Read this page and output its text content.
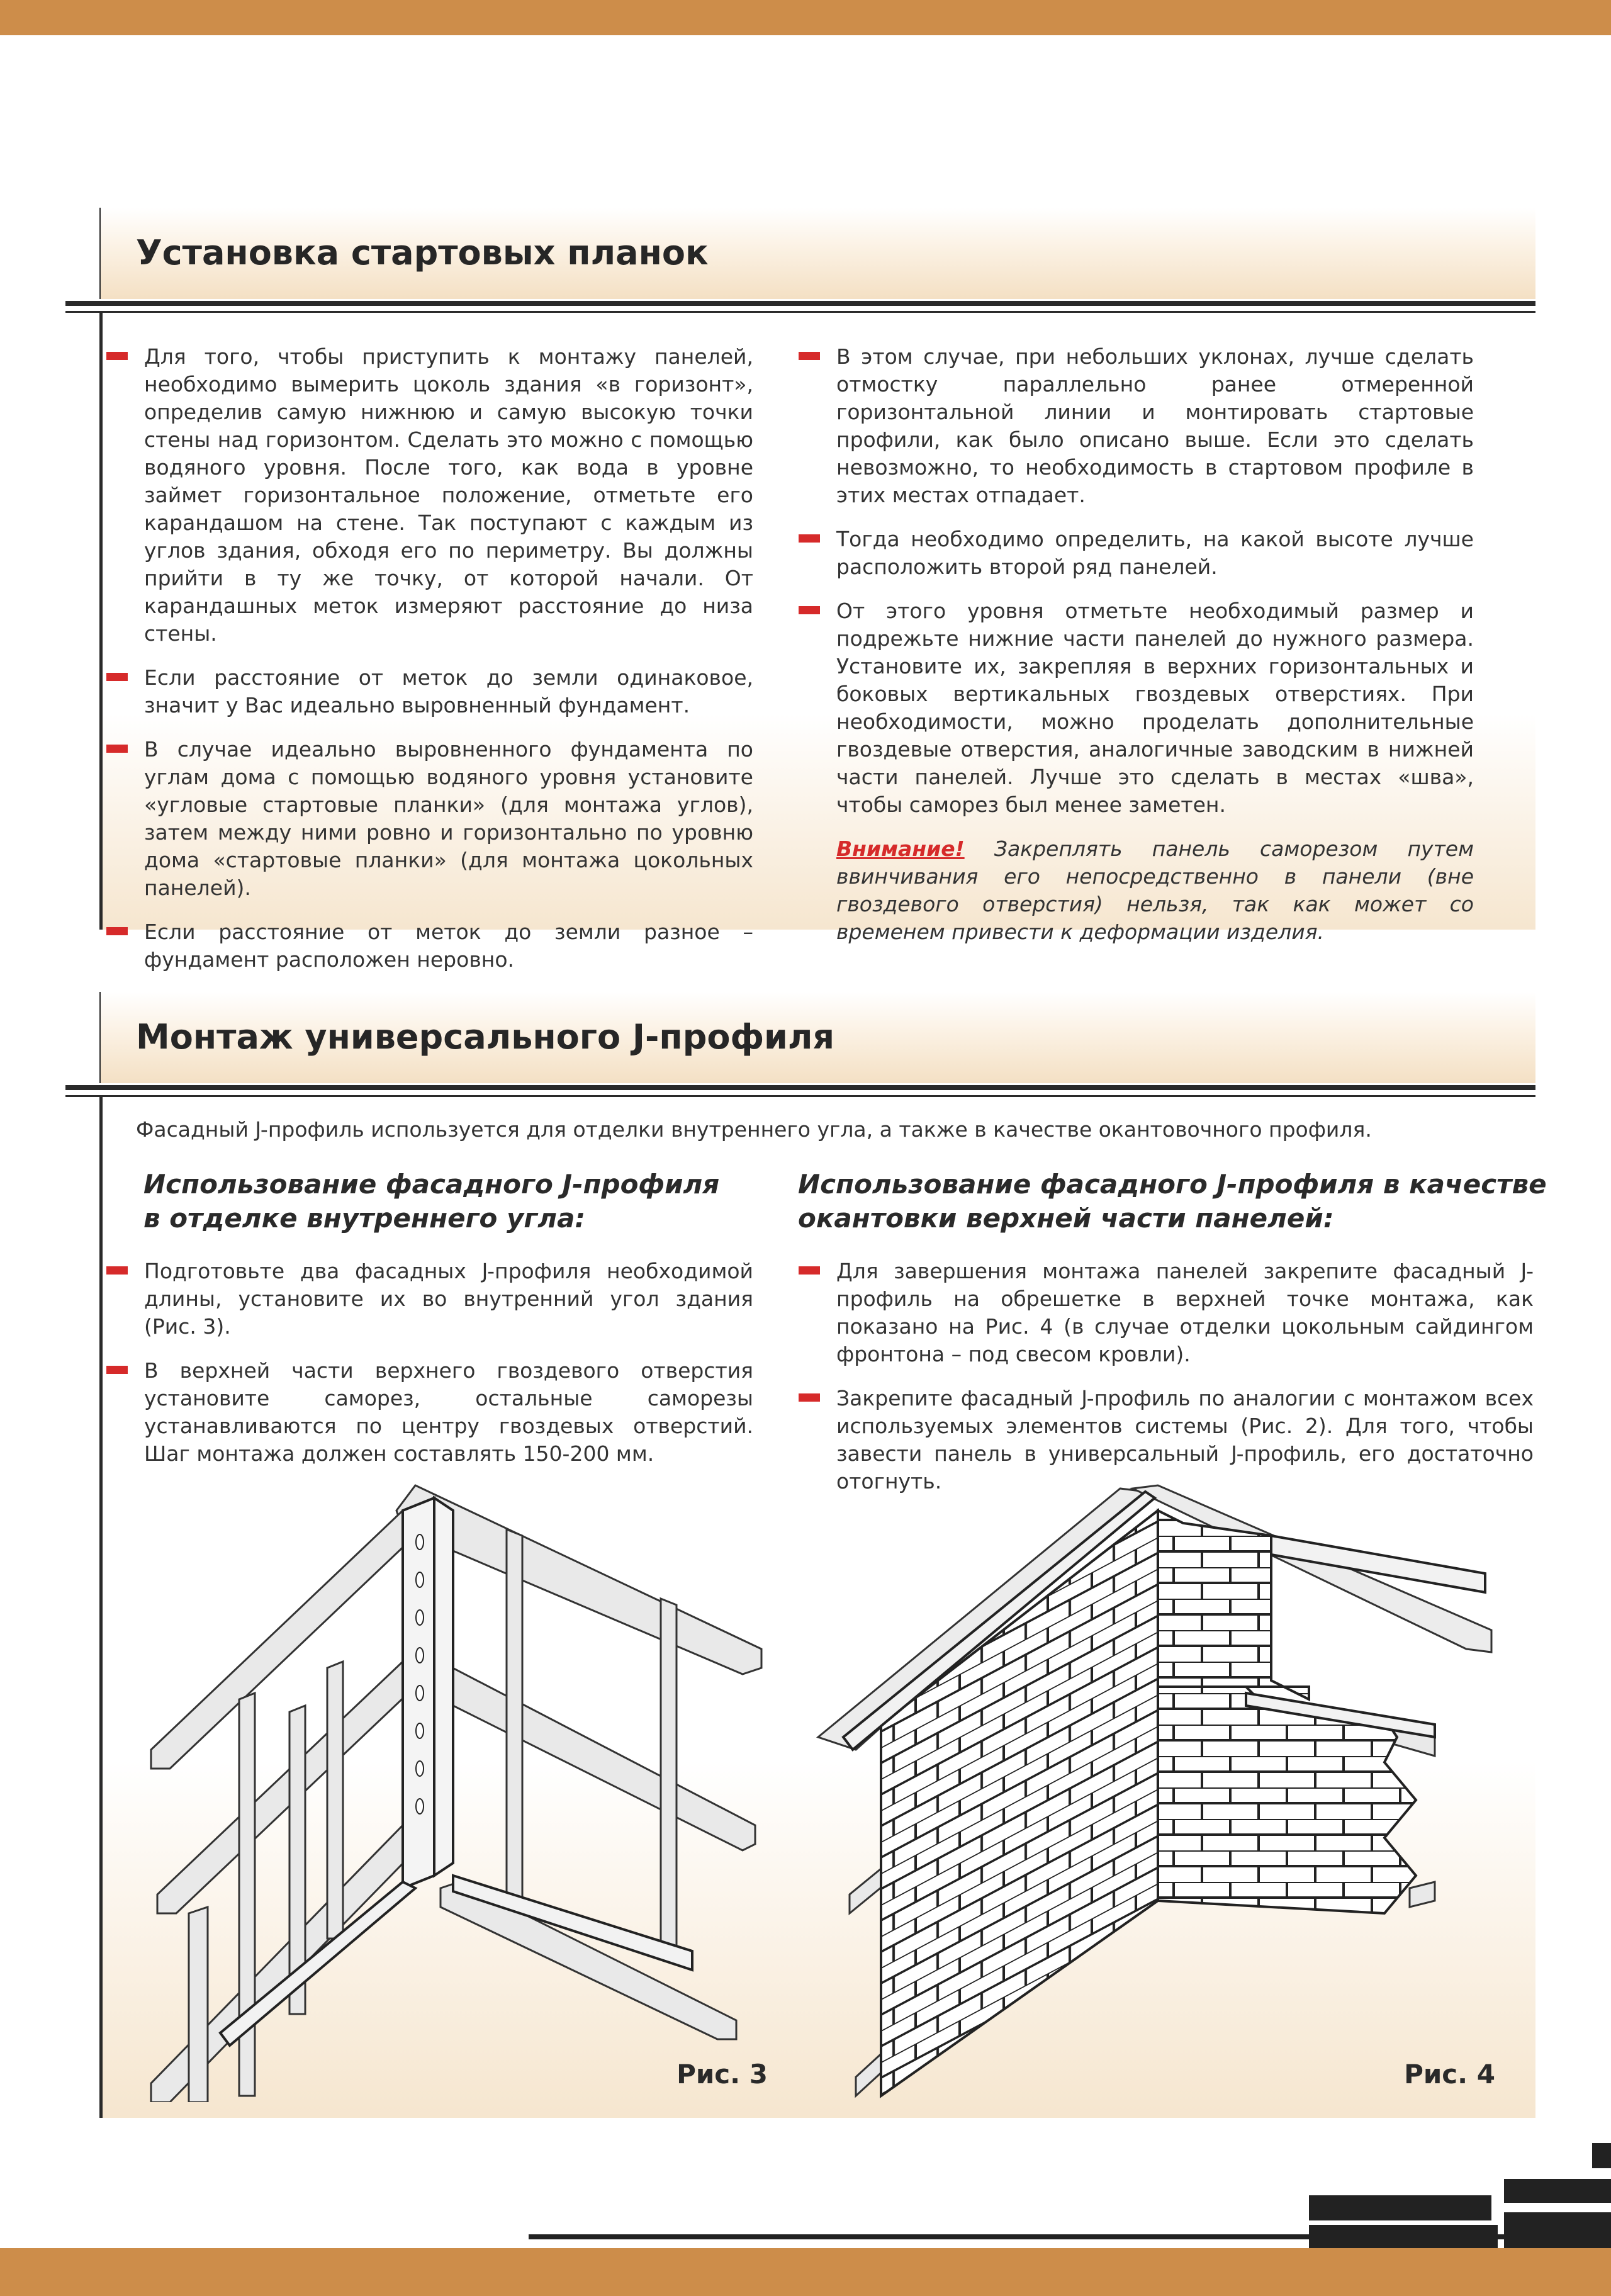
Установка стартовых планок
Для того, чтобы приступить к монтажу панелей, необходимо вымерить цоколь здания «в горизонт», определив самую нижнюю и самую высокую точки стены над горизонтом. Сделать это можно с помощью водяного уровня. После того, как вода в уровне займет горизонтальное положение, отметьте его карандашом на стене. Так поступают с каждым из углов здания, обходя его по периметру. Вы должны прийти в ту же точку, от которой начали. От карандашных меток измеряют расстояние до низа стены.
Если расстояние от меток до земли одинаковое, значит у Вас идеально выровненный фундамент.
В случае идеально выровненного фундамента по углам дома с помощью водяного уровня установите «угловые стартовые планки» (для монтажа углов), затем между ними ровно и горизонтально по уровню дома «стартовые планки» (для монтажа цокольных панелей).
Если расстояние от меток до земли разное – фундамент расположен неровно.
В этом случае, при небольших уклонах, лучше сделать отмостку параллельно ранее отмеренной горизонтальной линии и монтировать стартовые профили, как было описано выше. Если это сделать невозможно, то необходимость в стартовом профиле в этих местах отпадает.
Тогда необходимо определить, на какой высоте лучше расположить второй ряд панелей.
От этого уровня отметьте необходимый размер и подрежьте нижние части панелей до нужного размера. Установите их, закрепляя в верхних горизонтальных и боковых вертикальных гвоздевых отверстиях. При необходимости, можно проделать дополнительные гвоздевые отверстия, аналогичные заводским в нижней части панелей. Лучше это сделать в местах «шва», чтобы саморез был менее заметен.
Внимание! Закреплять панель саморезом путем ввинчивания его непосредственно в панели (вне гвоздевого отверстия) нельзя, так как может со временем привести к деформации изделия.
Монтаж универсального J-профиля
Фасадный J-профиль используется для отделки внутреннего угла, а также в качестве окантовочного профиля.
Использование фасадного J-профиля
в отделке внутреннего угла:
Использование фасадного J-профиля в качестве
окантовки верхней части панелей:
Подготовьте два фасадных J-профиля необходимой длины, установите их во внутренний угол здания (Рис. 3).
В верхней части верхнего гвоздевого отверстия установите саморез, остальные саморезы устанавливаются по центру гвоздевых отверстий. Шаг монтажа должен составлять 150-200 мм.
Для завершения монтажа панелей закрепите фасадный J-профиль на обрешетке в верхней точке монтажа, как показано на Рис. 4 (в случае отделки цокольным сайдингом фронтона – под свесом кровли).
Закрепите фасадный J-профиль по аналогии с монтажом всех используемых элементов системы (Рис. 2). Для того, чтобы завести панель в универсальный J-профиль, его достаточно отогнуть.
Рис. 3	Рис. 4
